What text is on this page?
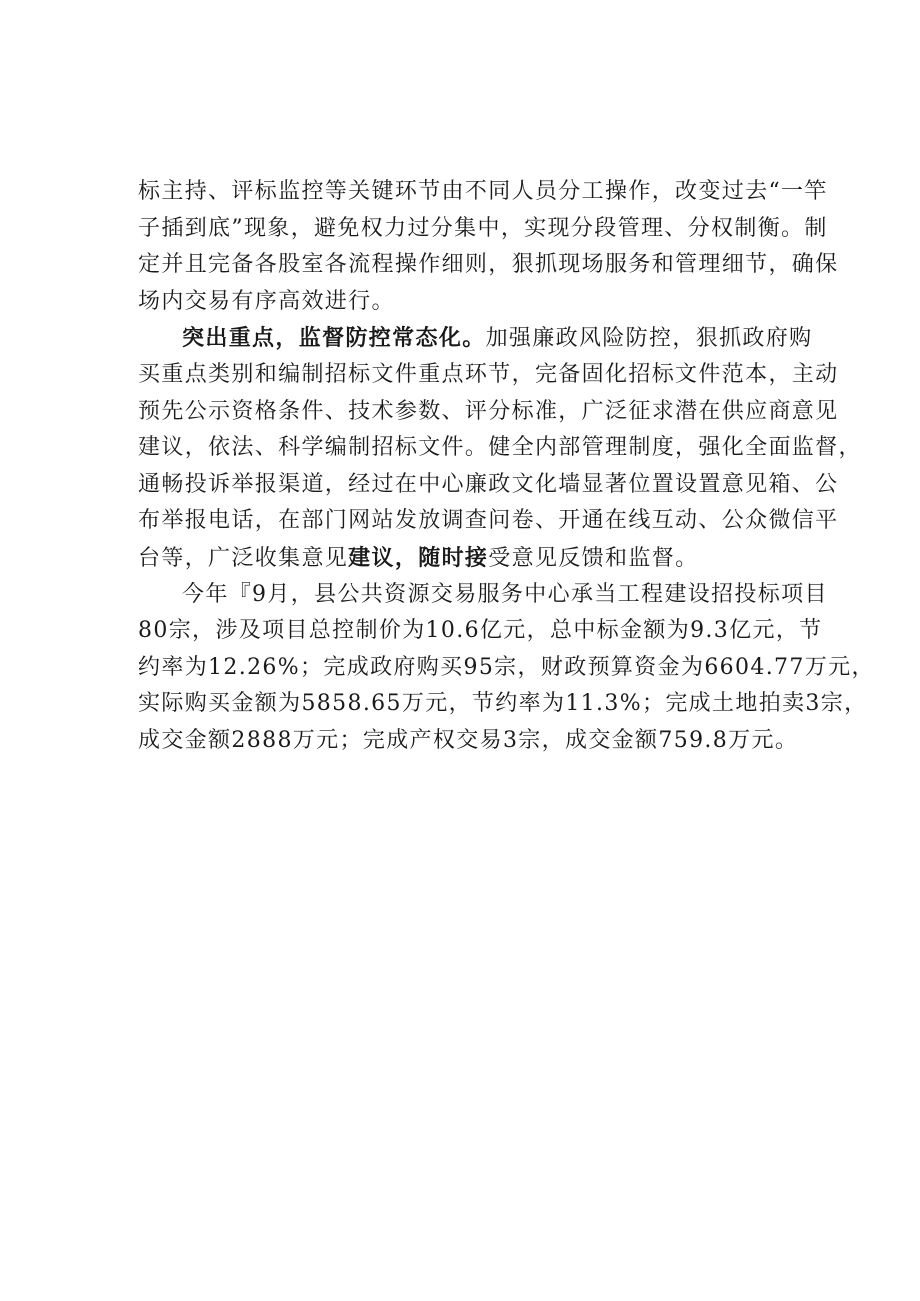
标主持、评标监控等关键环节由不同人员分工操作，改变过去“一竿
子插到底”现象，避免权力过分集中，实现分段管理、分权制衡。制
定并且完备各股室各流程操作细则，狠抓现场服务和管理细节，确保
场内交易有序高效进行。
突出重点，监督防控常态化。加强廉政风险防控，狠抓政府购
买重点类别和编制招标文件重点环节，完备固化招标文件范本，主动
预先公示资格条件、技术参数、评分标准，广泛征求潜在供应商意见
建议，依法、科学编制招标文件。健全内部管理制度，强化全面监督，
通畅投诉举报渠道，经过在中心廉政文化墙显著位置设置意见箱、公
布举报电话，在部门网站发放调查问卷、开通在线互动、公众微信平
台等，广泛收集意见建议，随时接受意见反馈和监督。
今年『9月，县公共资源交易服务中心承当工程建设招投标项目
80宗，涉及项目总控制价为10.6亿元，总中标金额为9.3亿元，节
约率为12.26%；完成政府购买95宗，财政预算资金为6604.77万元，
实际购买金额为5858.65万元，节约率为11.3%；完成土地拍卖3宗，
成交金额2888万元；完成产权交易3宗，成交金额759.8万元。
